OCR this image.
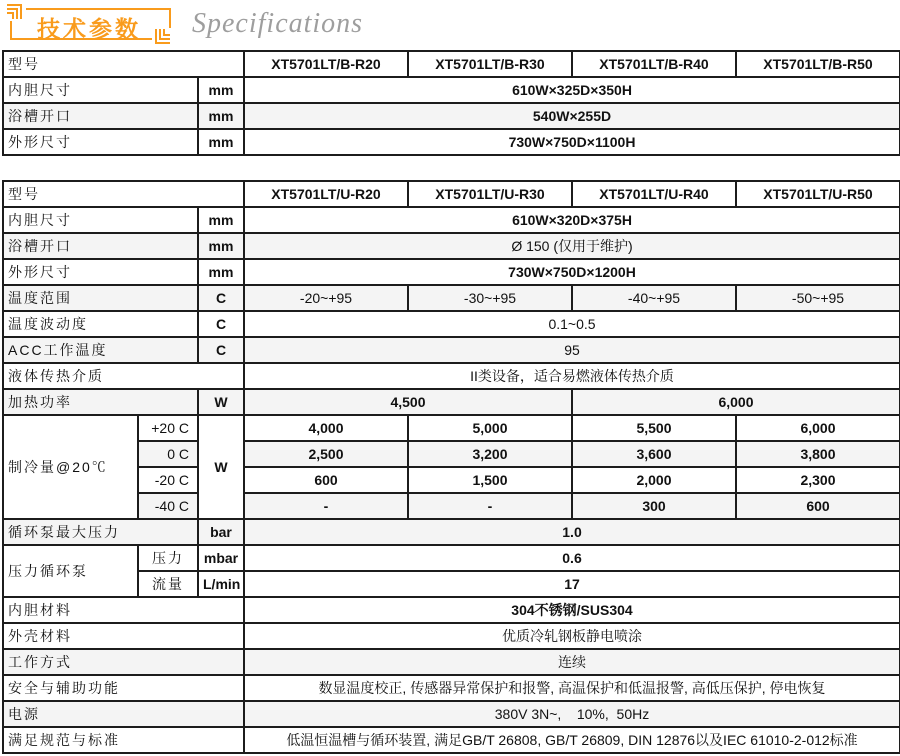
技术参数	Specifications
型号		XT5701LT/B-R20	XT5701LT/B-R30	XT5701LT/B-R40	XT5701LT/B-R50
内胆尺寸	mm	610W×325D×350H			
浴槽开口	mm	540W×255D			
外形尺寸	mm	730W×750D×1100H			
型号			XT5701LT/U-R20	XT5701LT/U-R30	XT5701LT/U-R40	XT5701LT/U-R50
内胆尺寸		mm	610W×320D×375H			
浴槽开口		mm	Ø 150 (仅用于维护)			
外形尺寸		mm	730W×750D×1200H			
温度范围		C	-20~+95	-30~+95	-40~+95	-50~+95
温度波动度		C	0.1~0.5			
ACC工作温度		C	95			
液体传热介质			II类设备，适合易燃液体传热介质			
加热功率		W	4,500		6,000	
制冷量@20℃	+20 C	W	4,000	5,000	5,500	6,000
	0 C		2,500	3,200	3,600	3,800
	-20 C		600	1,500	2,000	2,300
	-40 C		-	-	300	600
循环泵最大压力		bar	1.0			
压力循环泵	压力	mbar	0.6			
	流量	L/min	17			
内胆材料			304不锈钢/SUS304			
外壳材料			优质冷轧钢板静电喷涂			
工作方式			连续			
安全与辅助功能			数显温度校正, 传感器异常保护和报警, 高温保护和低温报警, 高低压保护, 停电恢复			
电源			380V 3N~,    10%,  50Hz			
满足规范与标准			低温恒温槽与循环装置, 满足GB/T 26808, GB/T 26809, DIN 12876以及IEC 61010-2-012标准			
